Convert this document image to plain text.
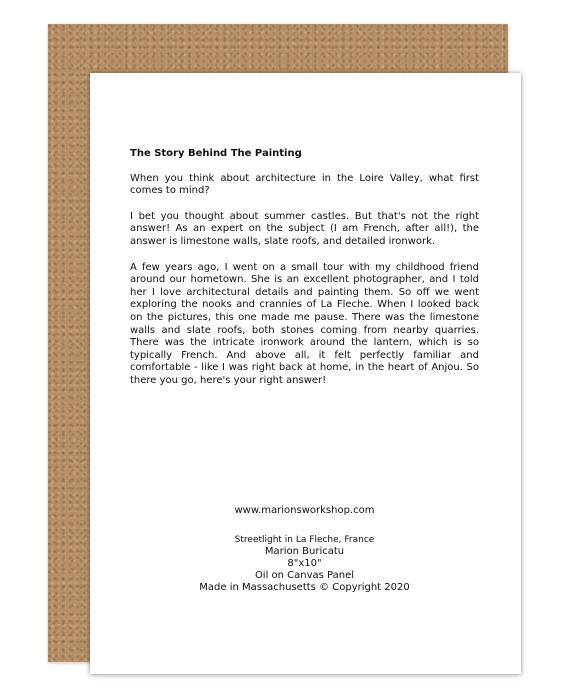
The Story Behind The Painting

When you think about architecture in the Loire Valley, what first comes to mind?

I bet you thought about summer castles. But that's not the right answer! As an expert on the subject (I am French, after all!), the answer is limestone walls, slate roofs, and detailed ironwork.

A few years ago, I went on a small tour with my childhood friend around our hometown. She is an excellent photographer, and I told her I love architectural details and painting them. So off we went exploring the nooks and crannies of La Fleche. When I looked back on the pictures, this one made me pause. There was the limestone walls and slate roofs, both stones coming from nearby quarries. There was the intricate ironwork around the lantern, which is so typically French. And above all, it felt perfectly familiar and comfortable - like I was right back at home, in the heart of Anjou. So there you go, here's your right answer!

www.marionsworkshop.com
Streetlight in La Fleche, France
Marion Buricatu
8"x10"
Oil on Canvas Panel
Made in Massachusetts © Copyright 2020
